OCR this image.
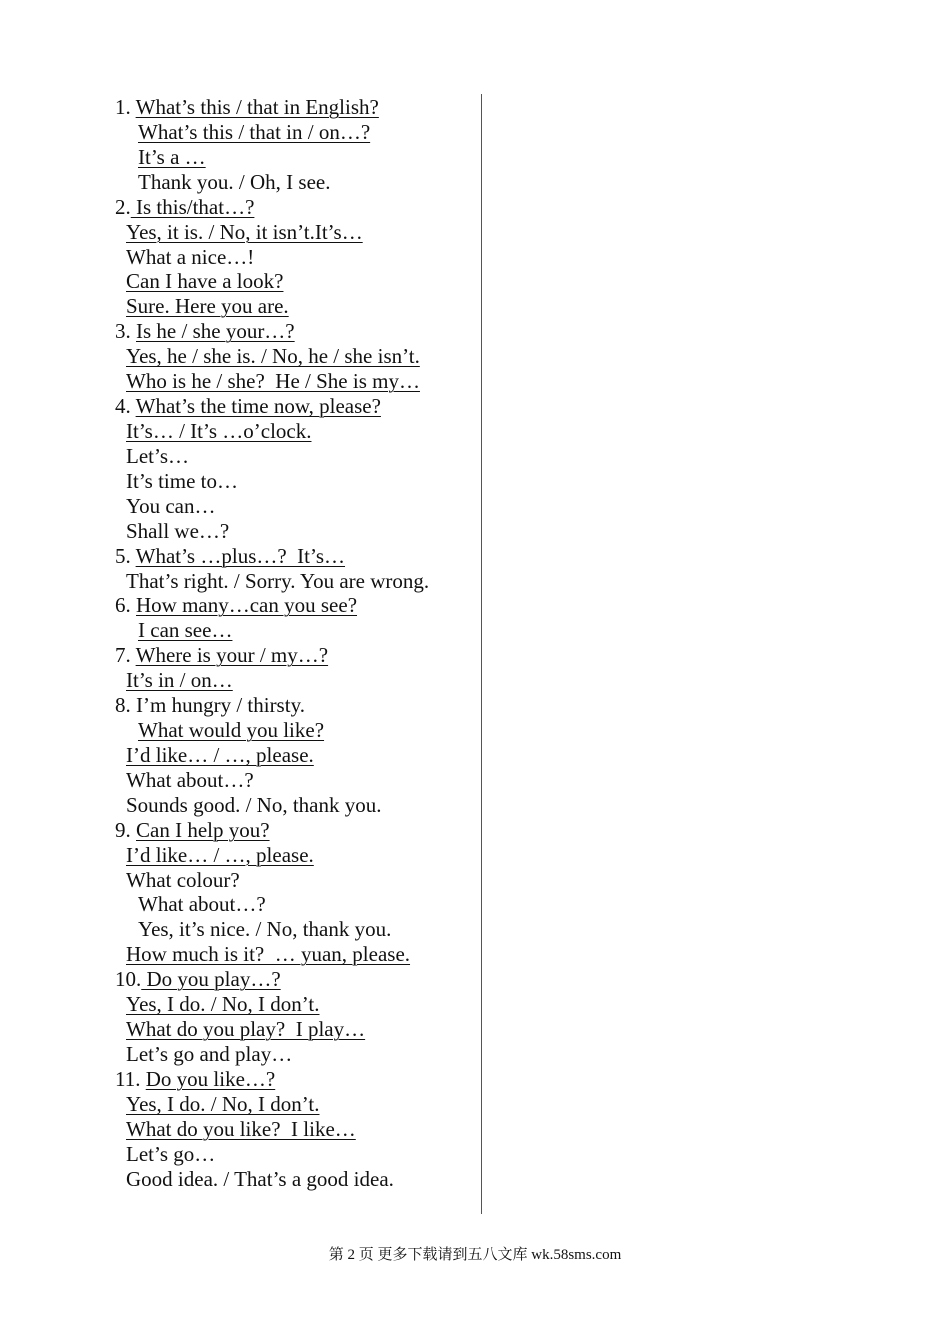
1. What’s this / that in English?
What’s this / that in / on…?
It’s a …
Thank you. / Oh, I see.
2. Is this/that…?
Yes, it is. / No, it isn’t.It’s…
What a nice…!
Can I have a look?
Sure. Here you are.
3. Is he / she your…?
Yes, he / she is. / No, he / she isn’t.
Who is he / she?  He / She is my…
4. What’s the time now, please?
It’s… / It’s …o’clock.
Let’s…
It’s time to…
You can…
Shall we…?
5. What’s …plus…?  It’s…
That’s right. / Sorry. You are wrong.
6. How many…can you see?
I can see…
7. Where is your / my…?
It’s in / on…
8. I’m hungry / thirsty.
What would you like?
I’d like… / …, please.
What about…?
Sounds good. / No, thank you.
9. Can I help you?
I’d like… / …, please.
What colour?
What about…?
Yes, it’s nice. / No, thank you.
How much is it?  … yuan, please.
10. Do you play…?
Yes, I do. / No, I don’t.
What do you play?  I play…
Let’s go and play…
11. Do you like…?
Yes, I do. / No, I don’t.
What do you like?  I like…
Let’s go…
Good idea. / That’s a good idea.
第 2 页 更多下载请到五八文库 wk.58sms.com
